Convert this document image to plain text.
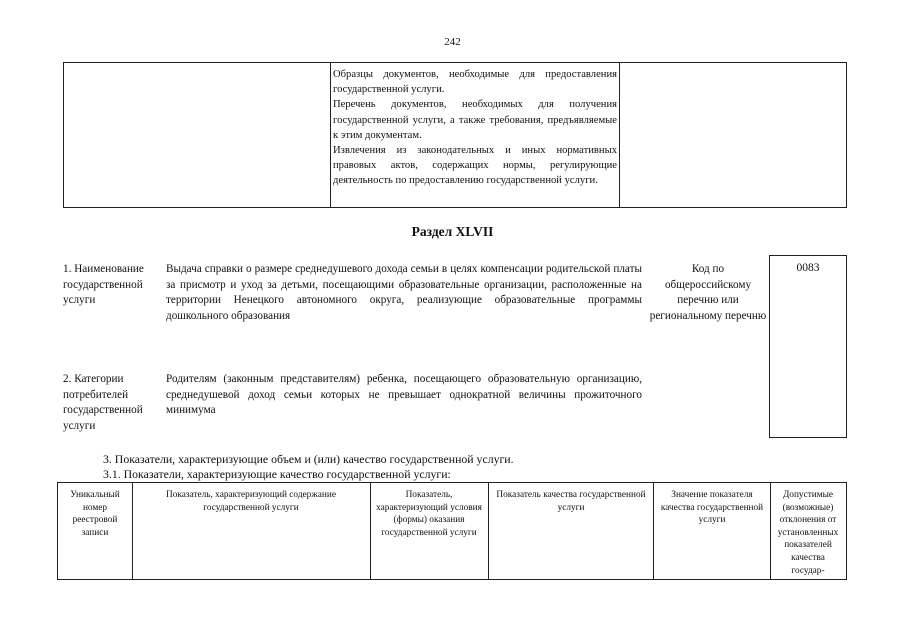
242

Образцы документов, необходимые для предоставления государственной услуги.

Перечень документов, необходимых для получения государственной услуги, а также требования, предъявляемые к этим документам.

Извлечения из законодательных и иных нормативных правовых актов, содержащих нормы, регулирующие деятельность по предоставлению государственной услуги.

Раздел XLVII
1. Наименование государственной услуги
Выдача справки о размере среднедушевого дохода семьи в целях компенсации родительской платы за присмотр и уход за детьми, посещающими образовательные организации, расположенные на территории Ненецкого автономного округа, реализующие образовательные программы дошкольного образования
Код по общероссийскому перечню или региональному перечню
0083
2. Категории потребителей государственной услуги
Родителям (законным представителям) ребенка, посещающего образовательную организацию, среднедушевой доход семьи которых не превышает однократной величины прожиточного минимума
3. Показатели, характеризующие объем и (или) качество государственной услуги.
3.1. Показатели, характеризующие качество государственной услуги:
Уникальный номер реестровой записи
Показатель, характеризующий содержание государственной услуги
Показатель, характеризующий условия (формы) оказания государственной услуги
Показатель качества государственной услуги
Значение показателя качества государственной услуги
Допустимые (возможные) отклонения от установленных показателей качества государ-
